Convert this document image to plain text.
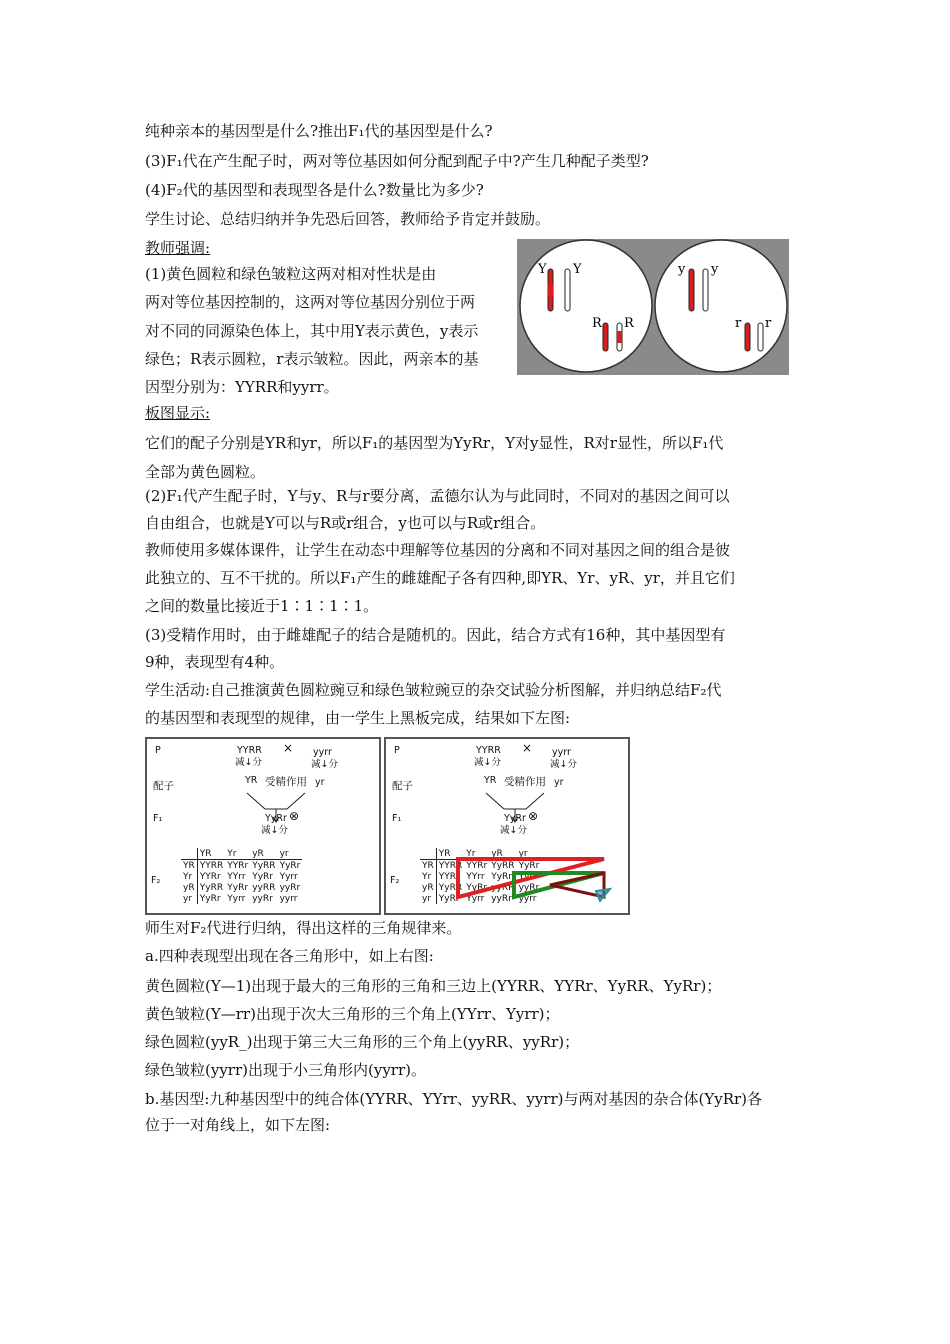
纯种亲本的基因型是什么?推出F₁代的基因型是什么?
(3)F₁代在产生配子时，两对等位基因如何分配到配子中?产生几种配子类型?
(4)F₂代的基因型和表现型各是什么?数量比为多少?
学生讨论、总结归纳并争先恐后回答，教师给予肯定并鼓励。
教师强调:
(1)黄色圆粒和绿色皱粒这两对相对性状是由
两对等位基因控制的，这两对等位基因分别位于两
对不同的同源染色体上，其中用Y表示黄色，y表示
绿色；R表示圆粒，r表示皱粒。因此，两亲本的基
因型分别为：YYRR和yyrr。
板图显示:
它们的配子分别是YR和yr，所以F₁的基因型为YyRr，Y对y显性，R对r显性，所以F₁代
全部为黄色圆粒。
(2)F₁代产生配子时，Y与y、R与r要分离，孟德尔认为与此同时，不同对的基因之间可以
自由组合，也就是Y可以与R或r组合，y也可以与R或r组合。
教师使用多媒体课件，让学生在动态中理解等位基因的分离和不同对基因之间的组合是彼
此独立的、互不干扰的。所以F₁产生的雌雄配子各有四种,即YR、Yr、yR、yr，并且它们
之间的数量比接近于1∶1∶1∶1。
(3)受精作用时，由于雌雄配子的结合是随机的。因此，结合方式有16种，其中基因型有
9种，表现型有4种。
学生活动:自己推演黄色圆粒豌豆和绿色皱粒豌豆的杂交试验分析图解，并归纳总结F₂代
的基因型和表现型的规律，由一学生上黑板完成，结果如下左图:
师生对F₂代进行归纳，得出这样的三角规律来。
a.四种表现型出现在各三角形中，如上右图:
黄色圆粒(Y—1)出现于最大的三角形的三角和三边上(YYRR、YYRr、YyRR、YyRr)；
黄色皱粒(Y—rr)出现于次大三角形的三个角上(YYrr、Yyrr)；
绿色圆粒(yyR_)出现于第三大三角形的三个角上(yyRR、yyRr)；
绿色皱粒(yyrr)出现于小三角形内(yyrr)。
b.基因型:九种基因型中的纯合体(YYRR、YYrr、yyRR、yyrr)与两对基因的杂合体(YyRr)各
位于一对角线上，如下左图:
Y Y
R R
y y
r r
P	YYRR × yyrr
减↓分	减↓分
配子	YR 受精作用 yr
F₁	YyRr ⊗
减↓分
F₂
	YR	Yr	yR	yr
YR	YYRR	YYRr	YyRR	YyRr
Yr	YYRr	YYrr	YyRr	Yyrr
yR	YyRR	YyRr	yyRR	yyRr
yr	YyRr	Yyrr	yyRr	yyrr
P	YYRR × yyrr
减↓分	减↓分
配子	YR 受精作用 yr
F₁	YyRr ⊗
减↓分
F₂
	YR	Yr	yR	yr
YR	YYRR	YYRr	YyRR	YyRr
Yr	YYRr	YYrr	YyRr	Yyrr
yR	YyRR	YyRr	yyRR	yyRr
yr	YyRr	Yyrr	yyRr	yyrr
